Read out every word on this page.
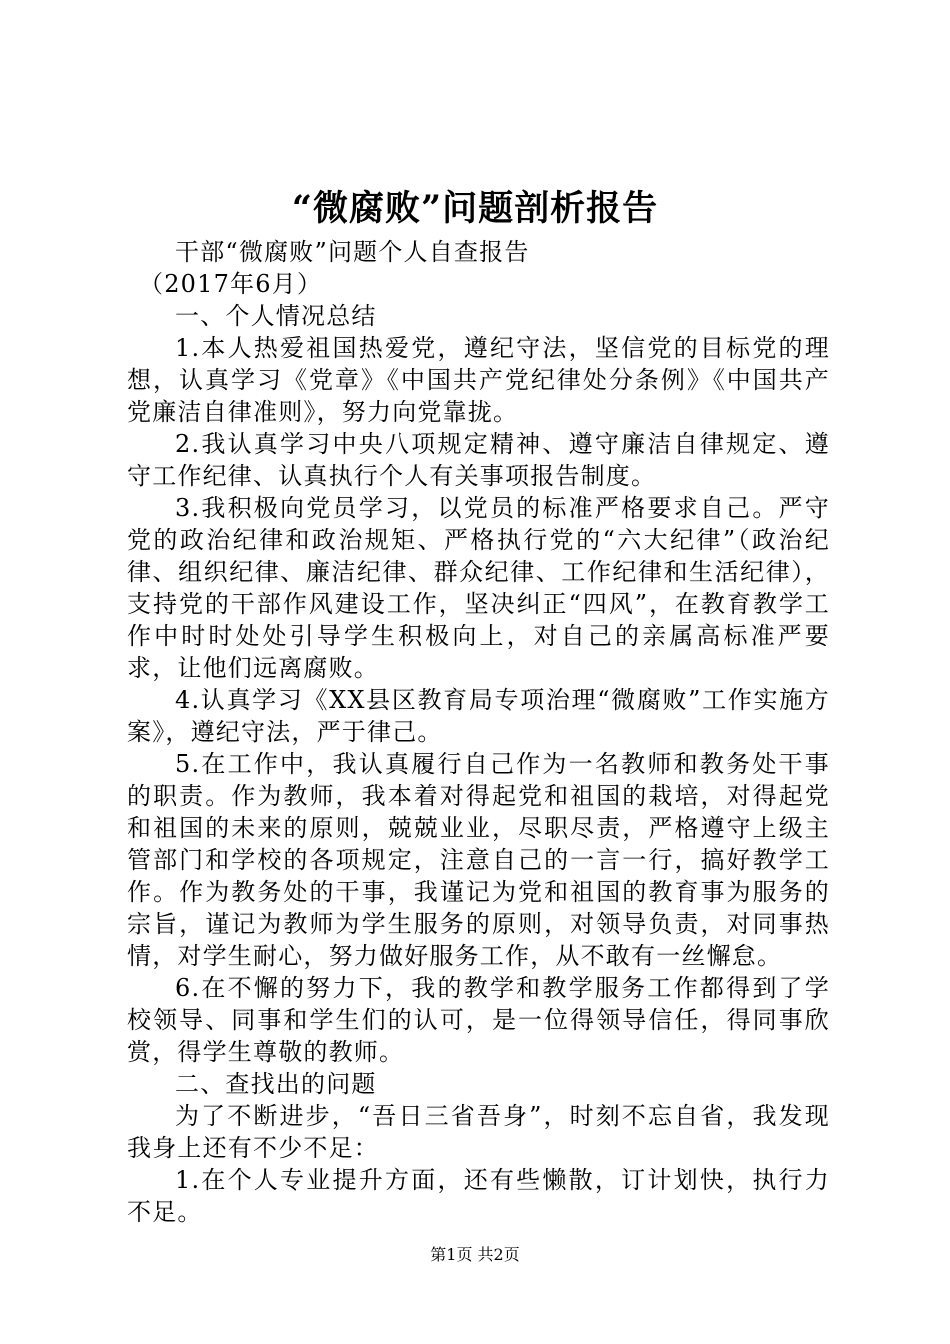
“微腐败”问题剖析报告

干部“微腐败”问题个人自查报告

（2017年6月）

一、个人情况总结

1.本人热爱祖国热爱党，遵纪守法，坚信党的目标党的理想，认真学习《党章》《中国共产党纪律处分条例》《中国共产党廉洁自律准则》，努力向党靠拢。

2.我认真学习中央八项规定精神、遵守廉洁自律规定、遵守工作纪律、认真执行个人有关事项报告制度。

3.我积极向党员学习，以党员的标准严格要求自己。严守党的政治纪律和政治规矩、严格执行党的“六大纪律”（政治纪律、组织纪律、廉洁纪律、群众纪律、工作纪律和生活纪律），支持党的干部作风建设工作，坚决纠正“四风”，在教育教学工作中时时处处引导学生积极向上，对自己的亲属高标准严要求，让他们远离腐败。

4.认真学习《XX县区教育局专项治理“微腐败”工作实施方案》，遵纪守法，严于律己。

5.在工作中，我认真履行自己作为一名教师和教务处干事的职责。作为教师，我本着对得起党和祖国的栽培，对得起党和祖国的未来的原则，兢兢业业，尽职尽责，严格遵守上级主管部门和学校的各项规定，注意自己的一言一行，搞好教学工作。作为教务处的干事，我谨记为党和祖国的教育事为服务的宗旨，谨记为教师为学生服务的原则，对领导负责，对同事热情，对学生耐心，努力做好服务工作，从不敢有一丝懈怠。

6.在不懈的努力下，我的教学和教学服务工作都得到了学校领导、同事和学生们的认可，是一位得领导信任，得同事欣赏，得学生尊敬的教师。

二、查找出的问题

为了不断进步，“吾日三省吾身”，时刻不忘自省，我发现我身上还有不少不足：

1.在个人专业提升方面，还有些懒散，订计划快，执行力不足。

第1页 共2页
